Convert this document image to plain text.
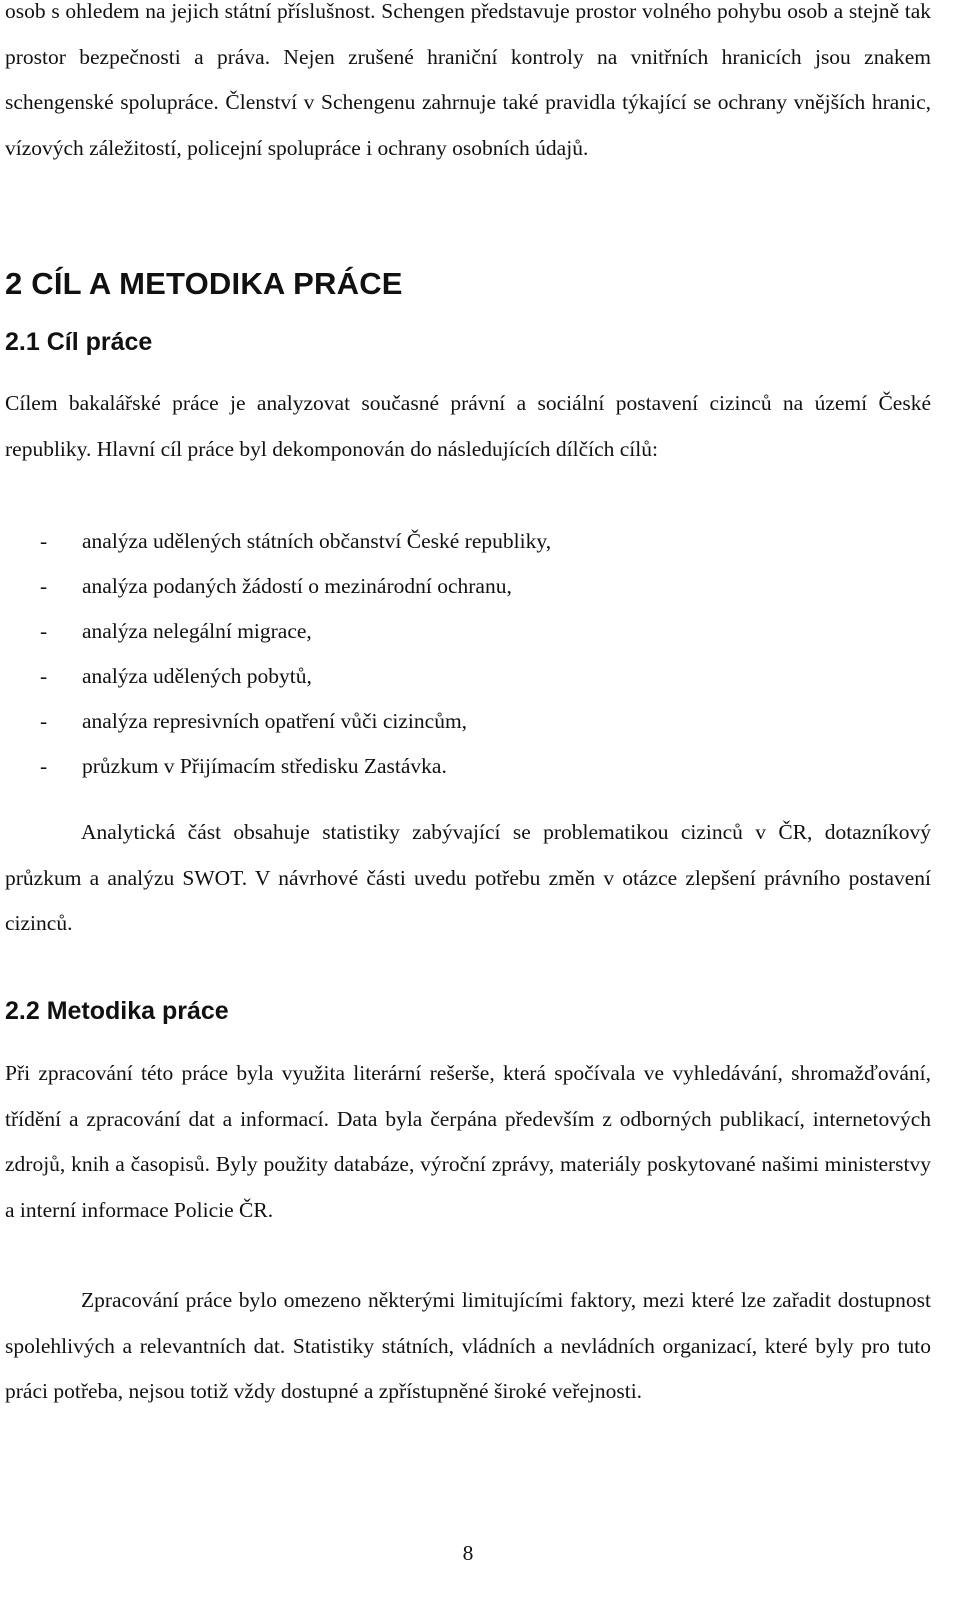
osob s ohledem na jejich státní příslušnost. Schengen představuje prostor volného pohybu osob a stejně tak prostor bezpečnosti a práva. Nejen zrušené hraniční kontroly na vnitřních hranicích jsou znakem schengenské spolupráce. Členství v Schengenu zahrnuje také pravidla týkající se ochrany vnějších hranic, vízových záležitostí, policejní spolupráce i ochrany osobních údajů.

2 CÍL A METODIKA PRÁCE
2.1 Cíl práce

Cílem bakalářské práce je analyzovat současné právní a sociální postavení cizinců na území České republiky. Hlavní cíl práce byl dekomponován do následujících dílčích cílů:

- analýza udělených státních občanství České republiky,
- analýza podaných žádostí o mezinárodní ochranu,
- analýza nelegální migrace,
- analýza udělených pobytů,
- analýza represivních opatření vůči cizincům,
- průzkum v Přijímacím středisku Zastávka.

Analytická část obsahuje statistiky zabývající se problematikou cizinců v ČR, dotazníkový průzkum a analýzu SWOT. V návrhové části uvedu potřebu změn v otázce zlepšení právního postavení cizinců.

2.2 Metodika práce

Při zpracování této práce byla využita literární rešerše, která spočívala ve vyhledávání, shromažďování, třídění a zpracování dat a informací. Data byla čerpána především z odborných publikací, internetových zdrojů, knih a časopisů. Byly použity databáze, výroční zprávy, materiály poskytované našimi ministerstvy a interní informace Policie ČR.

Zpracování práce bylo omezeno některými limitujícími faktory, mezi které lze zařadit dostupnost spolehlivých a relevantních dat. Statistiky státních, vládních a nevládních organizací, které byly pro tuto práci potřeba, nejsou totiž vždy dostupné a zpřístupněné široké veřejnosti.

8
